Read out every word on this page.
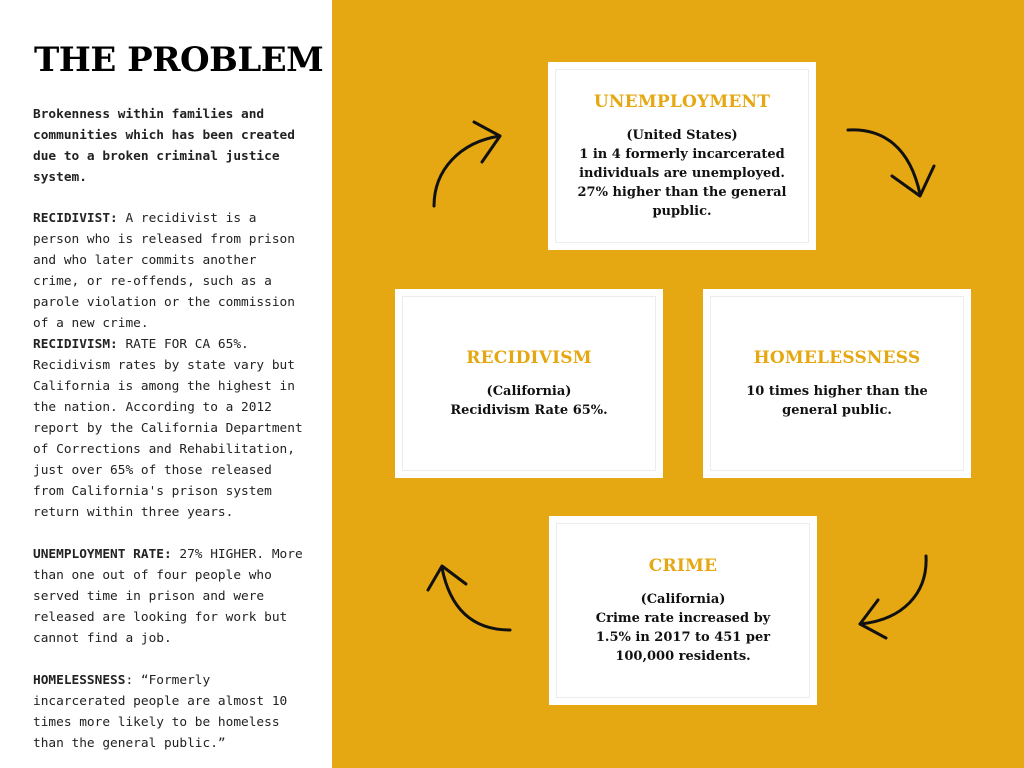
THE PROBLEM

Brokenness within families and communities which has been created due to a broken criminal justice system.

RECIDIVIST: A recidivist is a person who is released from prison and who later commits another crime, or re-offends, such as a parole violation or the commission of a new crime.

RECIDIVISM: RATE FOR CA 65%. Recidivism rates by state vary but California is among the highest in the nation. According to a 2012 report by the California Department of Corrections and Rehabilitation, just over 65% of those released from California's prison system return within three years.

UNEMPLOYMENT RATE: 27% HIGHER. More than one out of four people who served time in prison and were released are looking for work but cannot find a job.

HOMELESSNESS: “Formerly incarcerated people are almost 10 times more likely to be homeless than the general public.”

UNEMPLOYMENT
(United States)
1 in 4 formerly incarcerated individuals are unemployed.
27% higher than the general pupblic.
RECIDIVISM
(California)
Recidivism Rate 65%.
HOMELESSNESS
10 times higher than the general public.
CRIME
(California)
Crime rate increased by 1.5% in 2017 to 451 per 100,000 residents.
